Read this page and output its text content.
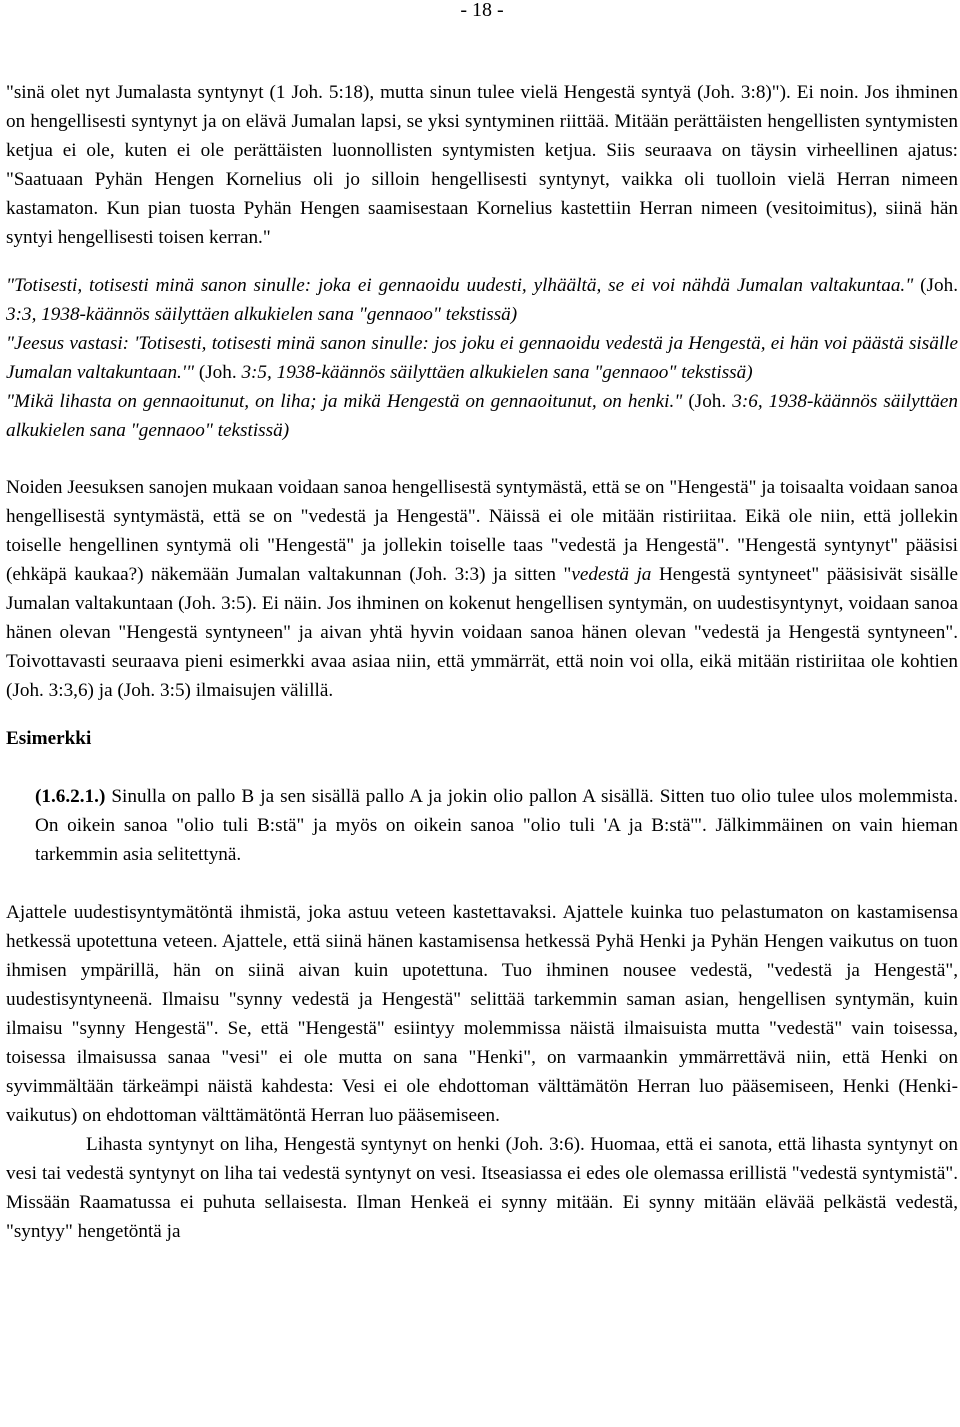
- 18 -

"sinä olet nyt Jumalasta syntynyt (1 Joh. 5:18), mutta sinun tulee vielä Hengestä syntyä (Joh. 3:8)"). Ei noin. Jos ihminen on hengellisesti syntynyt ja on elävä Jumalan lapsi, se yksi syntyminen riittää. Mitään perättäisten hengellisten syntymisten ketjua ei ole, kuten ei ole perättäisten luonnollisten syntymisten ketjua. Siis seuraava on täysin virheellinen ajatus: "Saatuaan Pyhän Hengen Kornelius oli jo silloin hengellisesti syntynyt, vaikka oli tuolloin vielä Herran nimeen kastamaton. Kun pian tuosta Pyhän Hengen saamisestaan Kornelius kastettiin Herran nimeen (vesitoimitus), siinä hän syntyi hengellisesti toisen kerran."

"Totisesti, totisesti minä sanon sinulle: joka ei gennaoidu uudesti, ylhäältä, se ei voi nähdä Jumalan valtakuntaa." (Joh. 3:3, 1938-käännös säilyttäen alkukielen sana "gennaoo" tekstissä)

"Jeesus vastasi: 'Totisesti, totisesti minä sanon sinulle: jos joku ei gennaoidu vedestä ja Hengestä, ei hän voi päästä sisälle Jumalan valtakuntaan.'" (Joh. 3:5, 1938-käännös säilyttäen alkukielen sana "gennaoo" tekstissä)

"Mikä lihasta on gennaoitunut, on liha; ja mikä Hengestä on gennaoitunut, on henki." (Joh. 3:6, 1938-käännös säilyttäen alkukielen sana "gennaoo" tekstissä)

Noiden Jeesuksen sanojen mukaan voidaan sanoa hengellisestä syntymästä, että se on "Hengestä" ja toisaalta voidaan sanoa hengellisestä syntymästä, että se on "vedestä ja Hengestä". Näissä ei ole mitään ristiriitaa. Eikä ole niin, että jollekin toiselle hengellinen syntymä oli "Hengestä" ja jollekin toiselle taas "vedestä ja Hengestä". "Hengestä syntynyt" pääsisi (ehkäpä kaukaa?) näkemään Jumalan valtakunnan (Joh. 3:3) ja sitten "vedestä ja Hengestä syntyneet" pääsisivät sisälle Jumalan valtakuntaan (Joh. 3:5). Ei näin. Jos ihminen on kokenut hengellisen syntymän, on uudestisyntynyt, voidaan sanoa hänen olevan "Hengestä syntyneen" ja aivan yhtä hyvin voidaan sanoa hänen olevan "vedestä ja Hengestä syntyneen". Toivottavasti seuraava pieni esimerkki avaa asiaa niin, että ymmärrät, että noin voi olla, eikä mitään ristiriitaa ole kohtien (Joh. 3:3,6) ja (Joh. 3:5) ilmaisujen välillä.

Esimerkki

(1.6.2.1.) Sinulla on pallo B ja sen sisällä pallo A ja jokin olio pallon A sisällä. Sitten tuo olio tulee ulos molemmista. On oikein sanoa "olio tuli B:stä" ja myös on oikein sanoa "olio tuli 'A ja B:stä'". Jälkimmäinen on vain hieman tarkemmin asia selitettynä.

Ajattele uudestisyntymätöntä ihmistä, joka astuu veteen kastettavaksi. Ajattele kuinka tuo pelastumaton on kastamisensa hetkessä upotettuna veteen. Ajattele, että siinä hänen kastamisensa hetkessä Pyhä Henki ja Pyhän Hengen vaikutus on tuon ihmisen ympärillä, hän on siinä aivan kuin upotettuna. Tuo ihminen nousee vedestä, "vedestä ja Hengestä", uudestisyntyneenä. Ilmaisu "synny vedestä ja Hengestä" selittää tarkemmin saman asian, hengellisen syntymän, kuin ilmaisu "synny Hengestä". Se, että "Hengestä" esiintyy molemmissa näistä ilmaisuista mutta "vedestä" vain toisessa, toisessa ilmaisussa sanaa "vesi" ei ole mutta on sana "Henki", on varmaankin ymmärrettävä niin, että Henki on syvimmältään tärkeämpi näistä kahdesta: Vesi ei ole ehdottoman välttämätön Herran luo pääsemiseen, Henki (Henki-vaikutus) on ehdottoman välttämätöntä Herran luo pääsemiseen.

Lihasta syntynyt on liha, Hengestä syntynyt on henki (Joh. 3:6). Huomaa, että ei sanota, että lihasta syntynyt on vesi tai vedestä syntynyt on liha tai vedestä syntynyt on vesi. Itseasiassa ei edes ole olemassa erillistä "vedestä syntymistä". Missään Raamatussa ei puhuta sellaisesta. Ilman Henkeä ei synny mitään. Ei synny mitään elävää pelkästä vedestä, "syntyy" hengetöntä ja
